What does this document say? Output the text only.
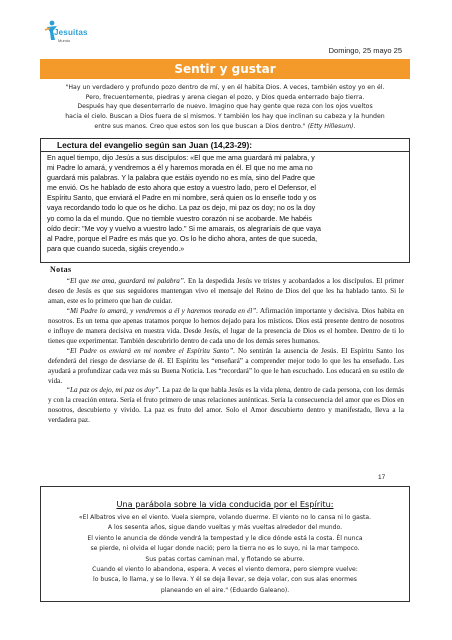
Jesuitas
Mundo
Domingo, 25 mayo 25
Sentir y gustar
"Hay un verdadero y profundo pozo dentro de mí, y en él habita Dios. A veces, también estoy yo en él.
Pero, frecuentemente, piedras y arena ciegan el pozo, y Dios queda enterrado bajo tierra.
Después hay que desenterrarlo de nuevo. Imagino que hay gente que reza con los ojos vueltos
hacia el cielo. Buscan a Dios fuera de sí mismos. Y también los hay que inclinan su cabeza y la hunden
entre sus manos. Creo que estos son los que buscan a Dios dentro." (Etty Hillesum).
Lectura del evangelio según san Juan (14,23-29):
En aquel tiempo, dijo Jesús a sus discípulos: «El que me ama guardará mi palabra, y
mi Padre lo amará, y vendremos a él y haremos morada en él. El que no me ama no
guardará mis palabras. Y la palabra que estáis oyendo no es mía, sino del Padre que
me envió. Os he hablado de esto ahora que estoy a vuestro lado, pero el Defensor, el
Espíritu Santo, que enviará el Padre en mi nombre, será quien os lo enseñe todo y os
vaya recordando todo lo que os he dicho. La paz os dejo, mi paz os doy; no os la doy
yo como la da el mundo. Que no tiemble vuestro corazón ni se acobarde. Me habéis
oído decir: "Me voy y vuelvo a vuestro lado." Si me amarais, os alegraríais de que vaya
al Padre, porque el Padre es más que yo. Os lo he dicho ahora, antes de que suceda,
para que cuando suceda, sigáis creyendo.»
Notas

“El que me ama, guardará mi palabra”. En la despedida Jesús ve tristes y acobardados a los discípulos. El primer deseo de Jesús es que sus seguidores mantengan vivo el mensaje del Reino de Dios del que les ha hablado tanto. Si le aman, este es lo primero que han de cuidar.

“Mi Padre lo amará, y vendremos a él y haremos morada en él”. Afirmación importante y decisiva. Dios habita en nosotros. Es un tema que apenas tratamos porque lo hemos dejado para los místicos. Dios está presente dentro de nosotros e influye de manera decisiva en nuestra vida. Desde Jesús, el lugar de la presencia de Dios es el hombre. Dentro de ti lo tienes que experimentar. También descubrirlo dentro de cada uno de los demás seres humanos.

“El Padre os enviará en mi nombre el Espíritu Santo”. No sentirán la ausencia de Jesús. El Espíritu Santo los defenderá del riesgo de desviarse de él. El Espíritu les “enseñará” a comprender mejor todo lo que les ha enseñado. Les ayudará a profundizar cada vez más su Buena Noticia. Les “recordará” lo que le han escuchado. Los educará en su estilo de vida.

“La paz os dejo, mi paz os doy”. La paz de la que habla Jesús es la vida plena, dentro de cada persona, con los demás y con la creación entera. Sería el fruto primero de unas relaciones auténticas. Sería la consecuencia del amor que es Dios en nosotros, descubierto y vivido. La paz es fruto del amor. Solo el Amor descubierto dentro y manifestado, lleva a la verdadera paz.

17
Una parábola sobre la vida conducida por el Espíritu:
«El Albatros vive en el viento. Vuela siempre, volando duerme. El viento no lo cansa ni lo gasta.
A los sesenta años, sigue dando vueltas y más vueltas alrededor del mundo.
El viento le anuncia de dónde vendrá la tempestad y le dice dónde está la costa. Él nunca
se pierde, ni olvida el lugar donde nació; pero la tierra no es lo suyo, ni la mar tampoco.
Sus patas cortas caminan mal, y flotando se aburre.
Cuando el viento lo abandona, espera. A veces el viento demora, pero siempre vuelve:
lo busca, lo llama, y se lo lleva. Y él se deja llevar, se deja volar, con sus alas enormes
planeando en el aire." (Eduardo Galeano).
